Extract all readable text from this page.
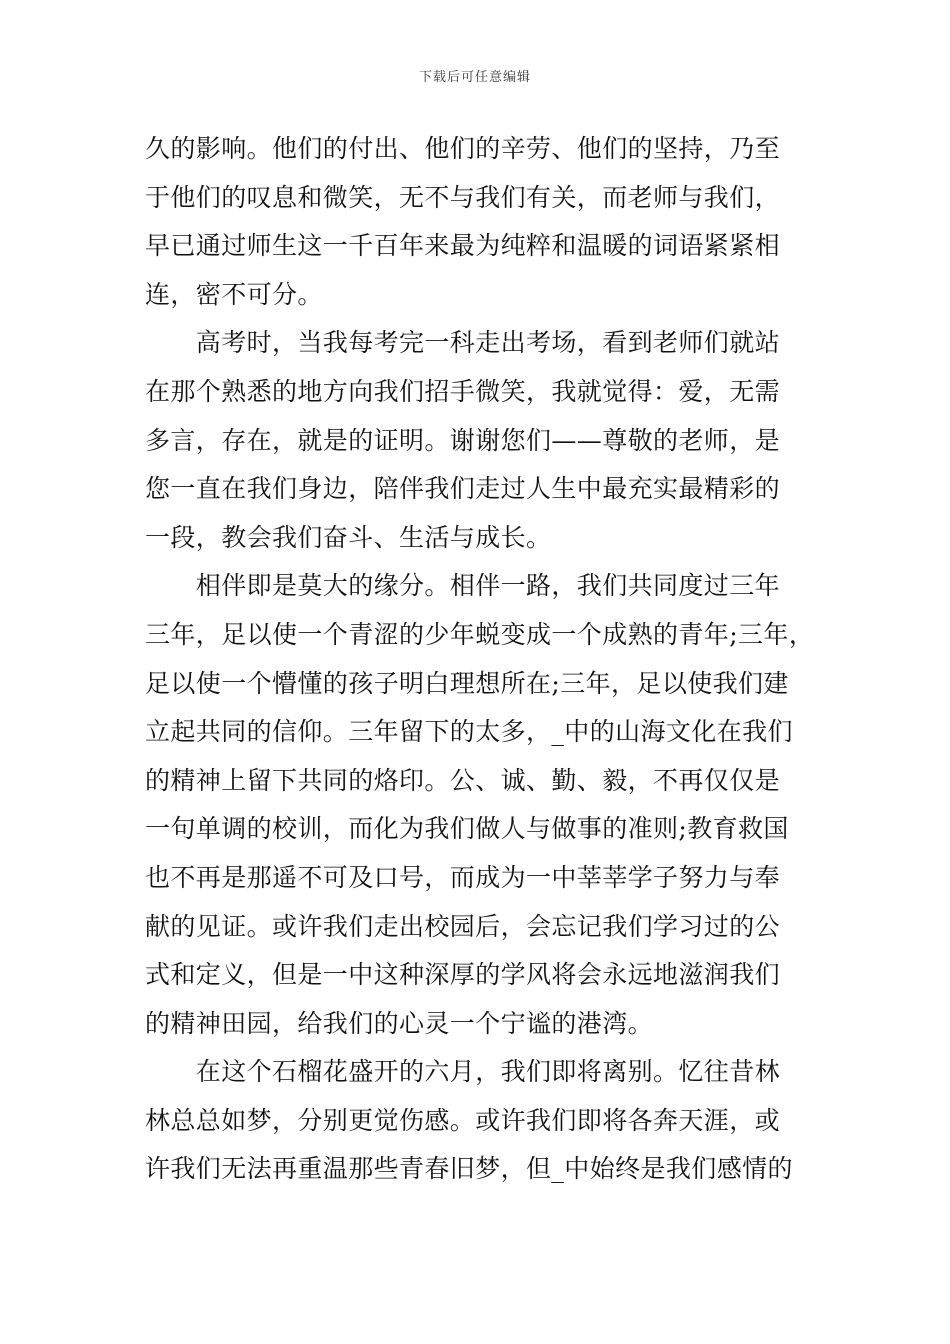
下载后可任意编辑
久的影响。他们的付出、他们的辛劳、他们的坚持，乃至
于他们的叹息和微笑，无不与我们有关，而老师与我们，
早已通过师生这一千百年来最为纯粹和温暖的词语紧紧相
连，密不可分。
　　高考时，当我每考完一科走出考场，看到老师们就站
在那个熟悉的地方向我们招手微笑，我就觉得：爱，无需
多言，存在，就是的证明。谢谢您们——尊敬的老师，是
您一直在我们身边，陪伴我们走过人生中最充实最精彩的
一段，教会我们奋斗、生活与成长。
　　相伴即是莫大的缘分。相伴一路，我们共同度过三年
三年，足以使一个青涩的少年蜕变成一个成熟的青年;三年，
足以使一个懵懂的孩子明白理想所在;三年，足以使我们建
立起共同的信仰。三年留下的太多，_中的山海文化在我们
的精神上留下共同的烙印。公、诚、勤、毅，不再仅仅是
一句单调的校训，而化为我们做人与做事的准则;教育救国
也不再是那遥不可及口号，而成为一中莘莘学子努力与奉
献的见证。或许我们走出校园后，会忘记我们学习过的公
式和定义，但是一中这种深厚的学风将会永远地滋润我们
的精神田园，给我们的心灵一个宁谧的港湾。
　　在这个石榴花盛开的六月，我们即将离别。忆往昔林
林总总如梦，分别更觉伤感。或许我们即将各奔天涯，或
许我们无法再重温那些青春旧梦，但_中始终是我们感情的
